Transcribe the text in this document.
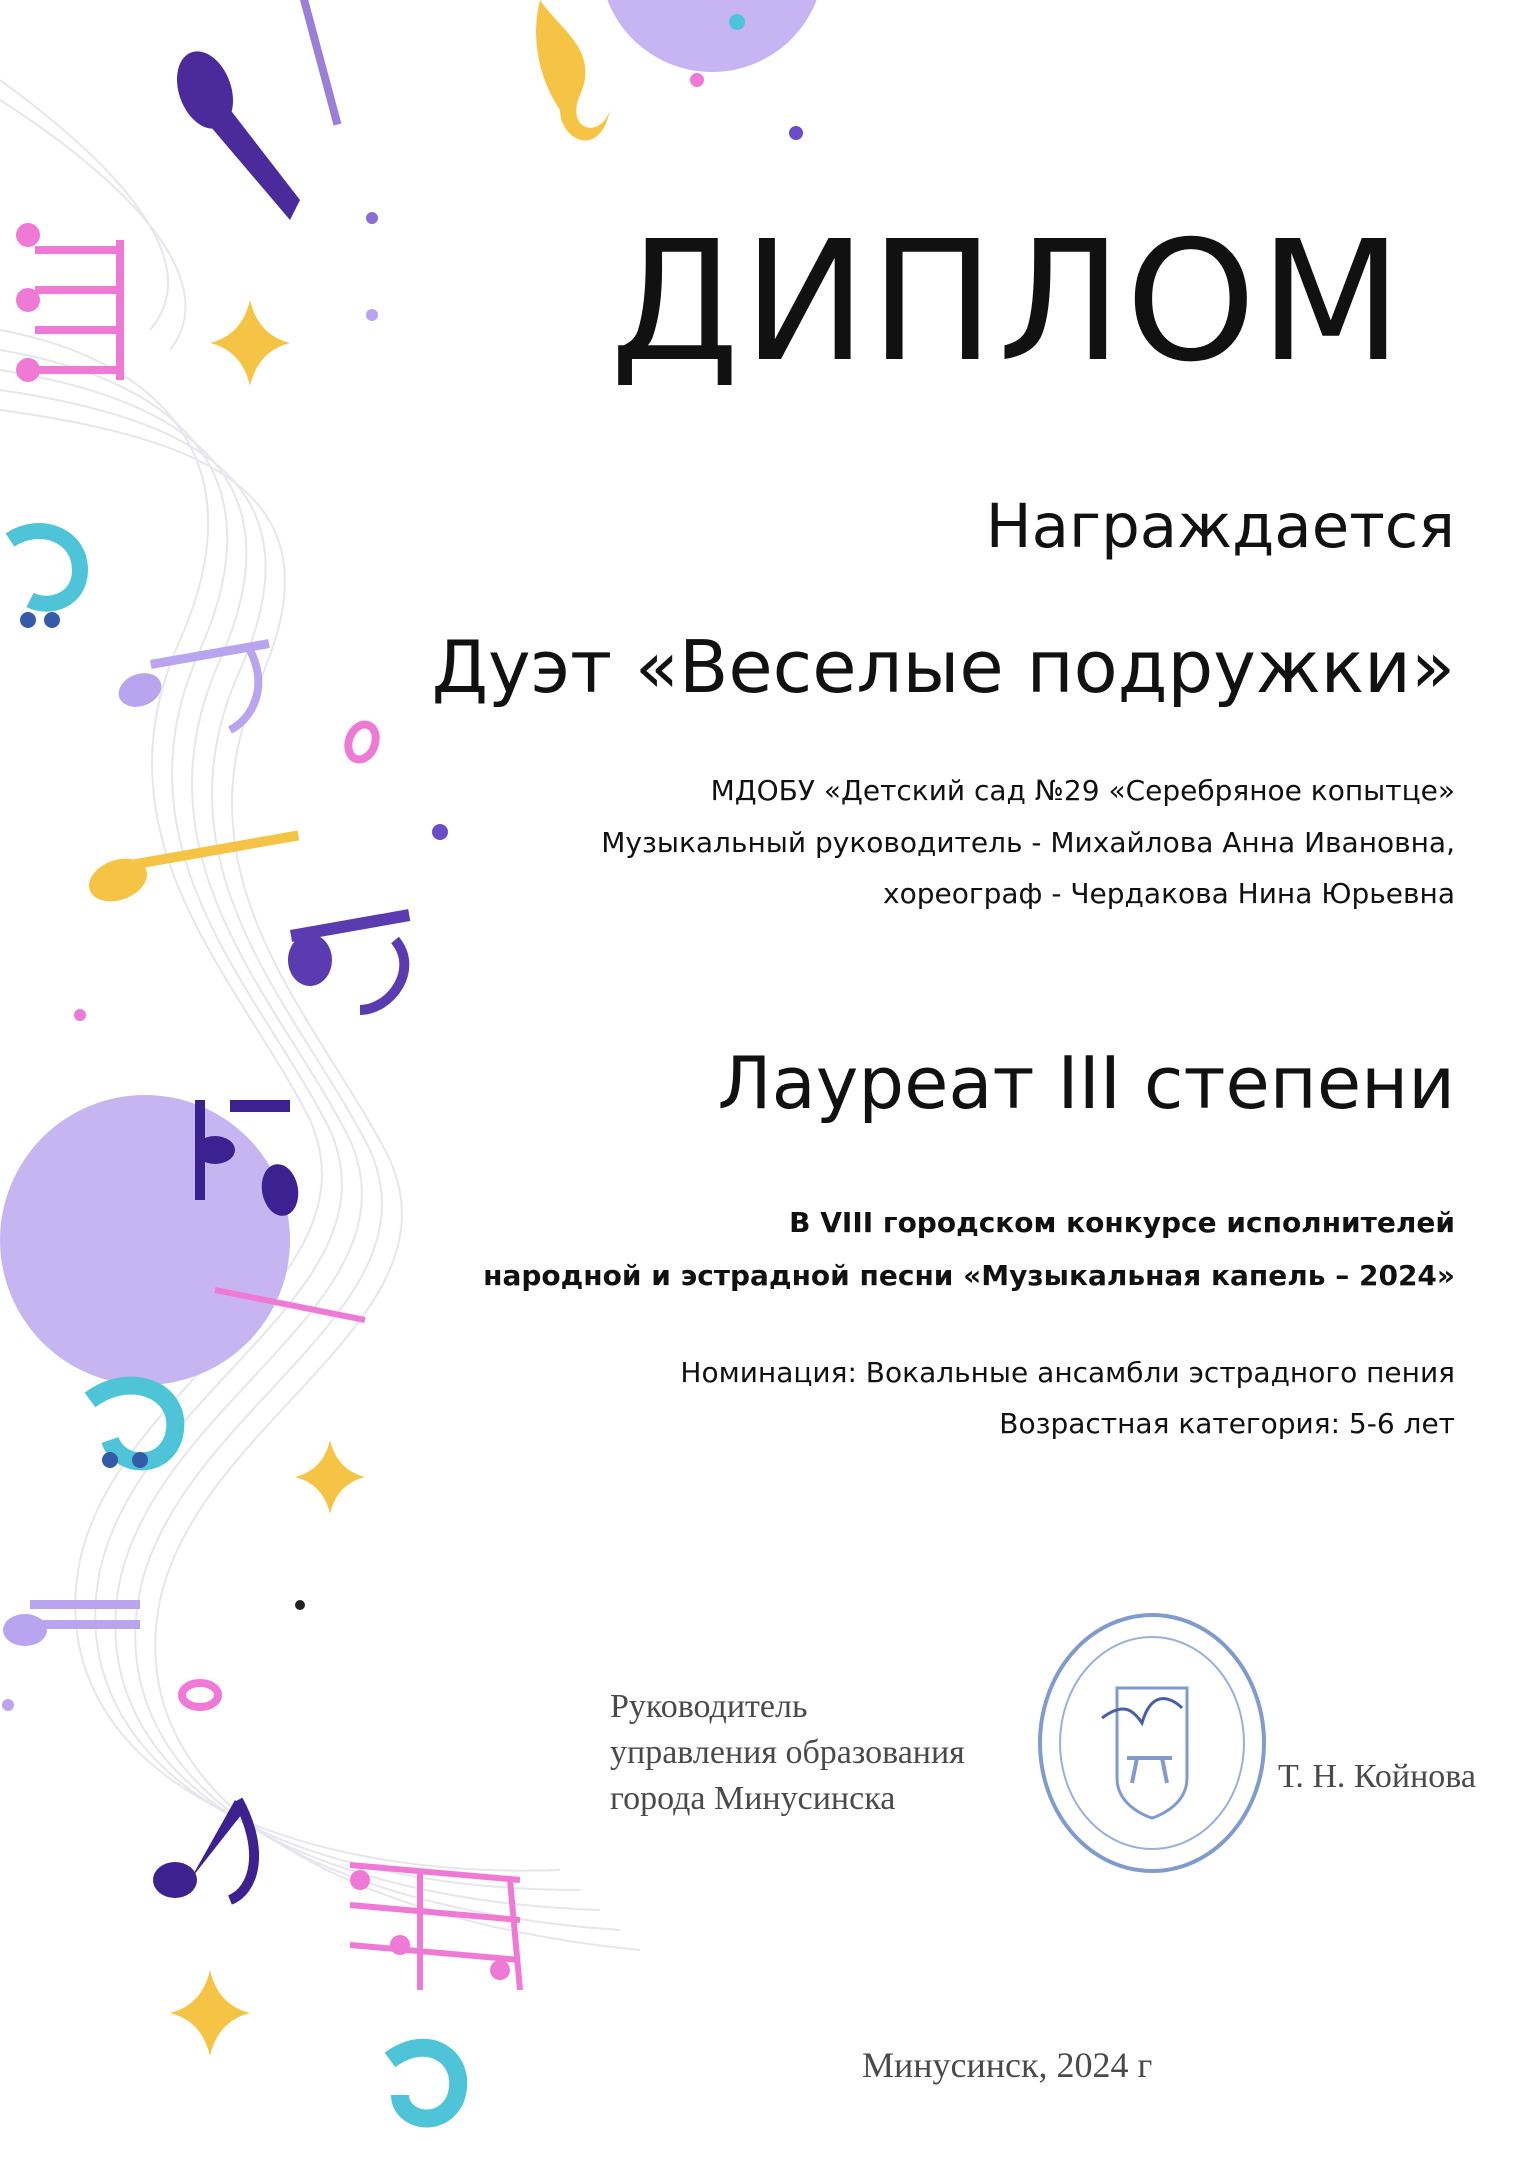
ДИПЛОМ

Награждается

Дуэт «Веселые подружки»

МДОБУ «Детский сад №29 «Серебряное копытце»

Музыкальный руководитель - Михайлова Анна Ивановна,

хореограф - Чердакова Нина Юрьевна

Лауреат III степени

В VIII городском конкурсе исполнителей

народной и эстрадной песни «Музыкальная капель – 2024»

Номинация: Вокальные ансамбли эстрадного пения

Возрастная категория: 5-6 лет

Руководитель

управления образования

города Минусинска

Т. Н. Койнова

Минусинск, 2024 г
